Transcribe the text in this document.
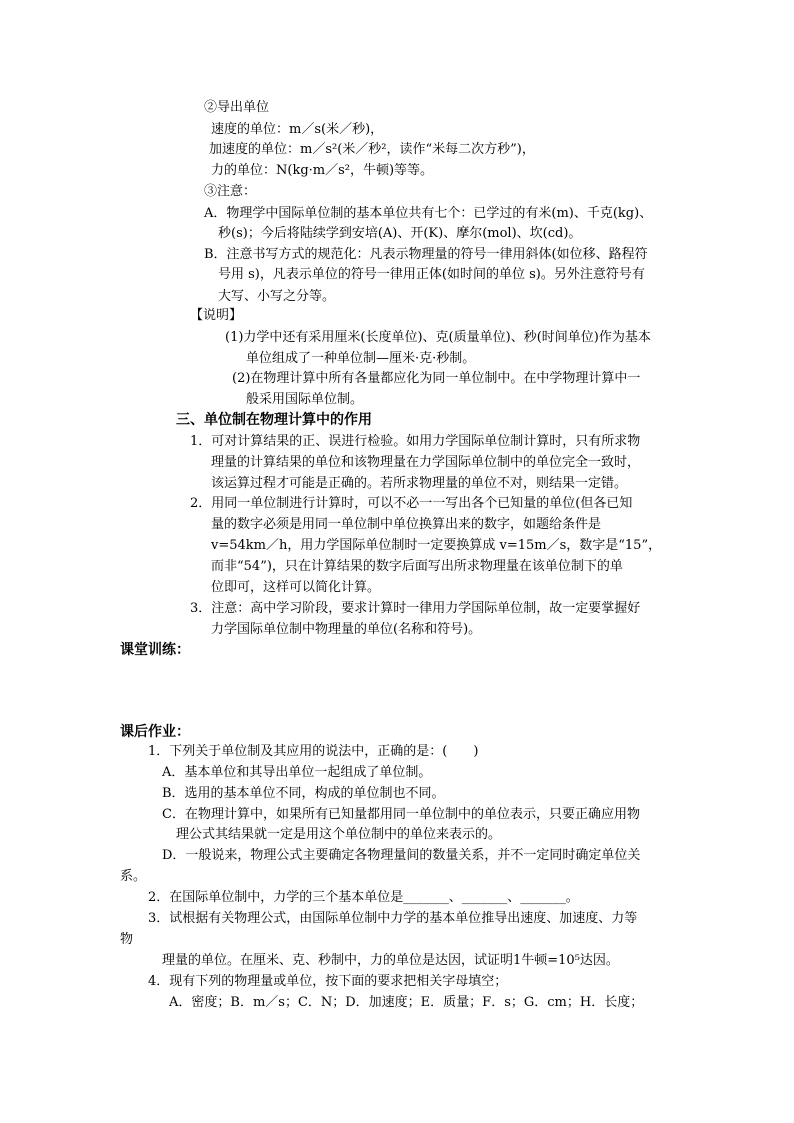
②导出单位
速度的单位：m／s(米／秒)，
加速度的单位：m／s²(米／秒²，读作“米每二次方秒”)，
力的单位：N(kg·m／s²，牛顿)等等。
③注意：
A．物理学中国际单位制的基本单位共有七个：已学过的有米(m)、千克(kg)、
秒(s)；今后将陆续学到安培(A)、开(K)、摩尔(mol)、坎(cd)。
B．注意书写方式的规范化：凡表示物理量的符号一律用斜体(如位移、路程符
号用 s)，凡表示单位的符号一律用正体(如时间的单位 s)。另外注意符号有
大写、小写之分等。
【说明】
(1)力学中还有采用厘米(长度单位)、克(质量单位)、秒(时间单位)作为基本
单位组成了一种单位制—厘米·克·秒制。
(2)在物理计算中所有各量都应化为同一单位制中。在中学物理计算中一
般采用国际单位制。
三、单位制在物理计算中的作用
1．可对计算结果的正、误进行检验。如用力学国际单位制计算时，只有所求物
理量的计算结果的单位和该物理量在力学国际单位制中的单位完全一致时，
该运算过程才可能是正确的。若所求物理量的单位不对，则结果一定错。
2．用同一单位制进行计算时，可以不必一一写出各个已知量的单位(但各已知
量的数字必须是用同一单位制中单位换算出来的数字，如题给条件是
v=54km／h，用力学国际单位制时一定要换算成 v=15m／s，数字是“15”，
而非“54”)，只在计算结果的数字后面写出所求物理量在该单位制下的单
位即可，这样可以简化计算。
3．注意：高中学习阶段，要求计算时一律用力学国际单位制，故一定要掌握好
力学国际单位制中物理量的单位(名称和符号)。
课堂训练：
课后作业：
1．下列关于单位制及其应用的说法中，正确的是：(　　)
A．基本单位和其导出单位一起组成了单位制。
B．选用的基本单位不同，构成的单位制也不同。
C．在物理计算中，如果所有已知量都用同一单位制中的单位表示，只要正确应用物
理公式其结果就一定是用这个单位制中的单位来表示的。
D．一般说来，物理公式主要确定各物理量间的数量关系，并不一定同时确定单位关
系。
2．在国际单位制中，力学的三个基本单位是_______、_______、_______。
3．试根据有关物理公式，由国际单位制中力学的基本单位推导出速度、加速度、力等
物
理量的单位。在厘米、克、秒制中，力的单位是达因，试证明1牛顿=10⁵达因。
4．现有下列的物理量或单位，按下面的要求把相关字母填空；
A．密度；B．m／s；C．N；D．加速度；E．质量；F．s；G．cm；H．长度；
